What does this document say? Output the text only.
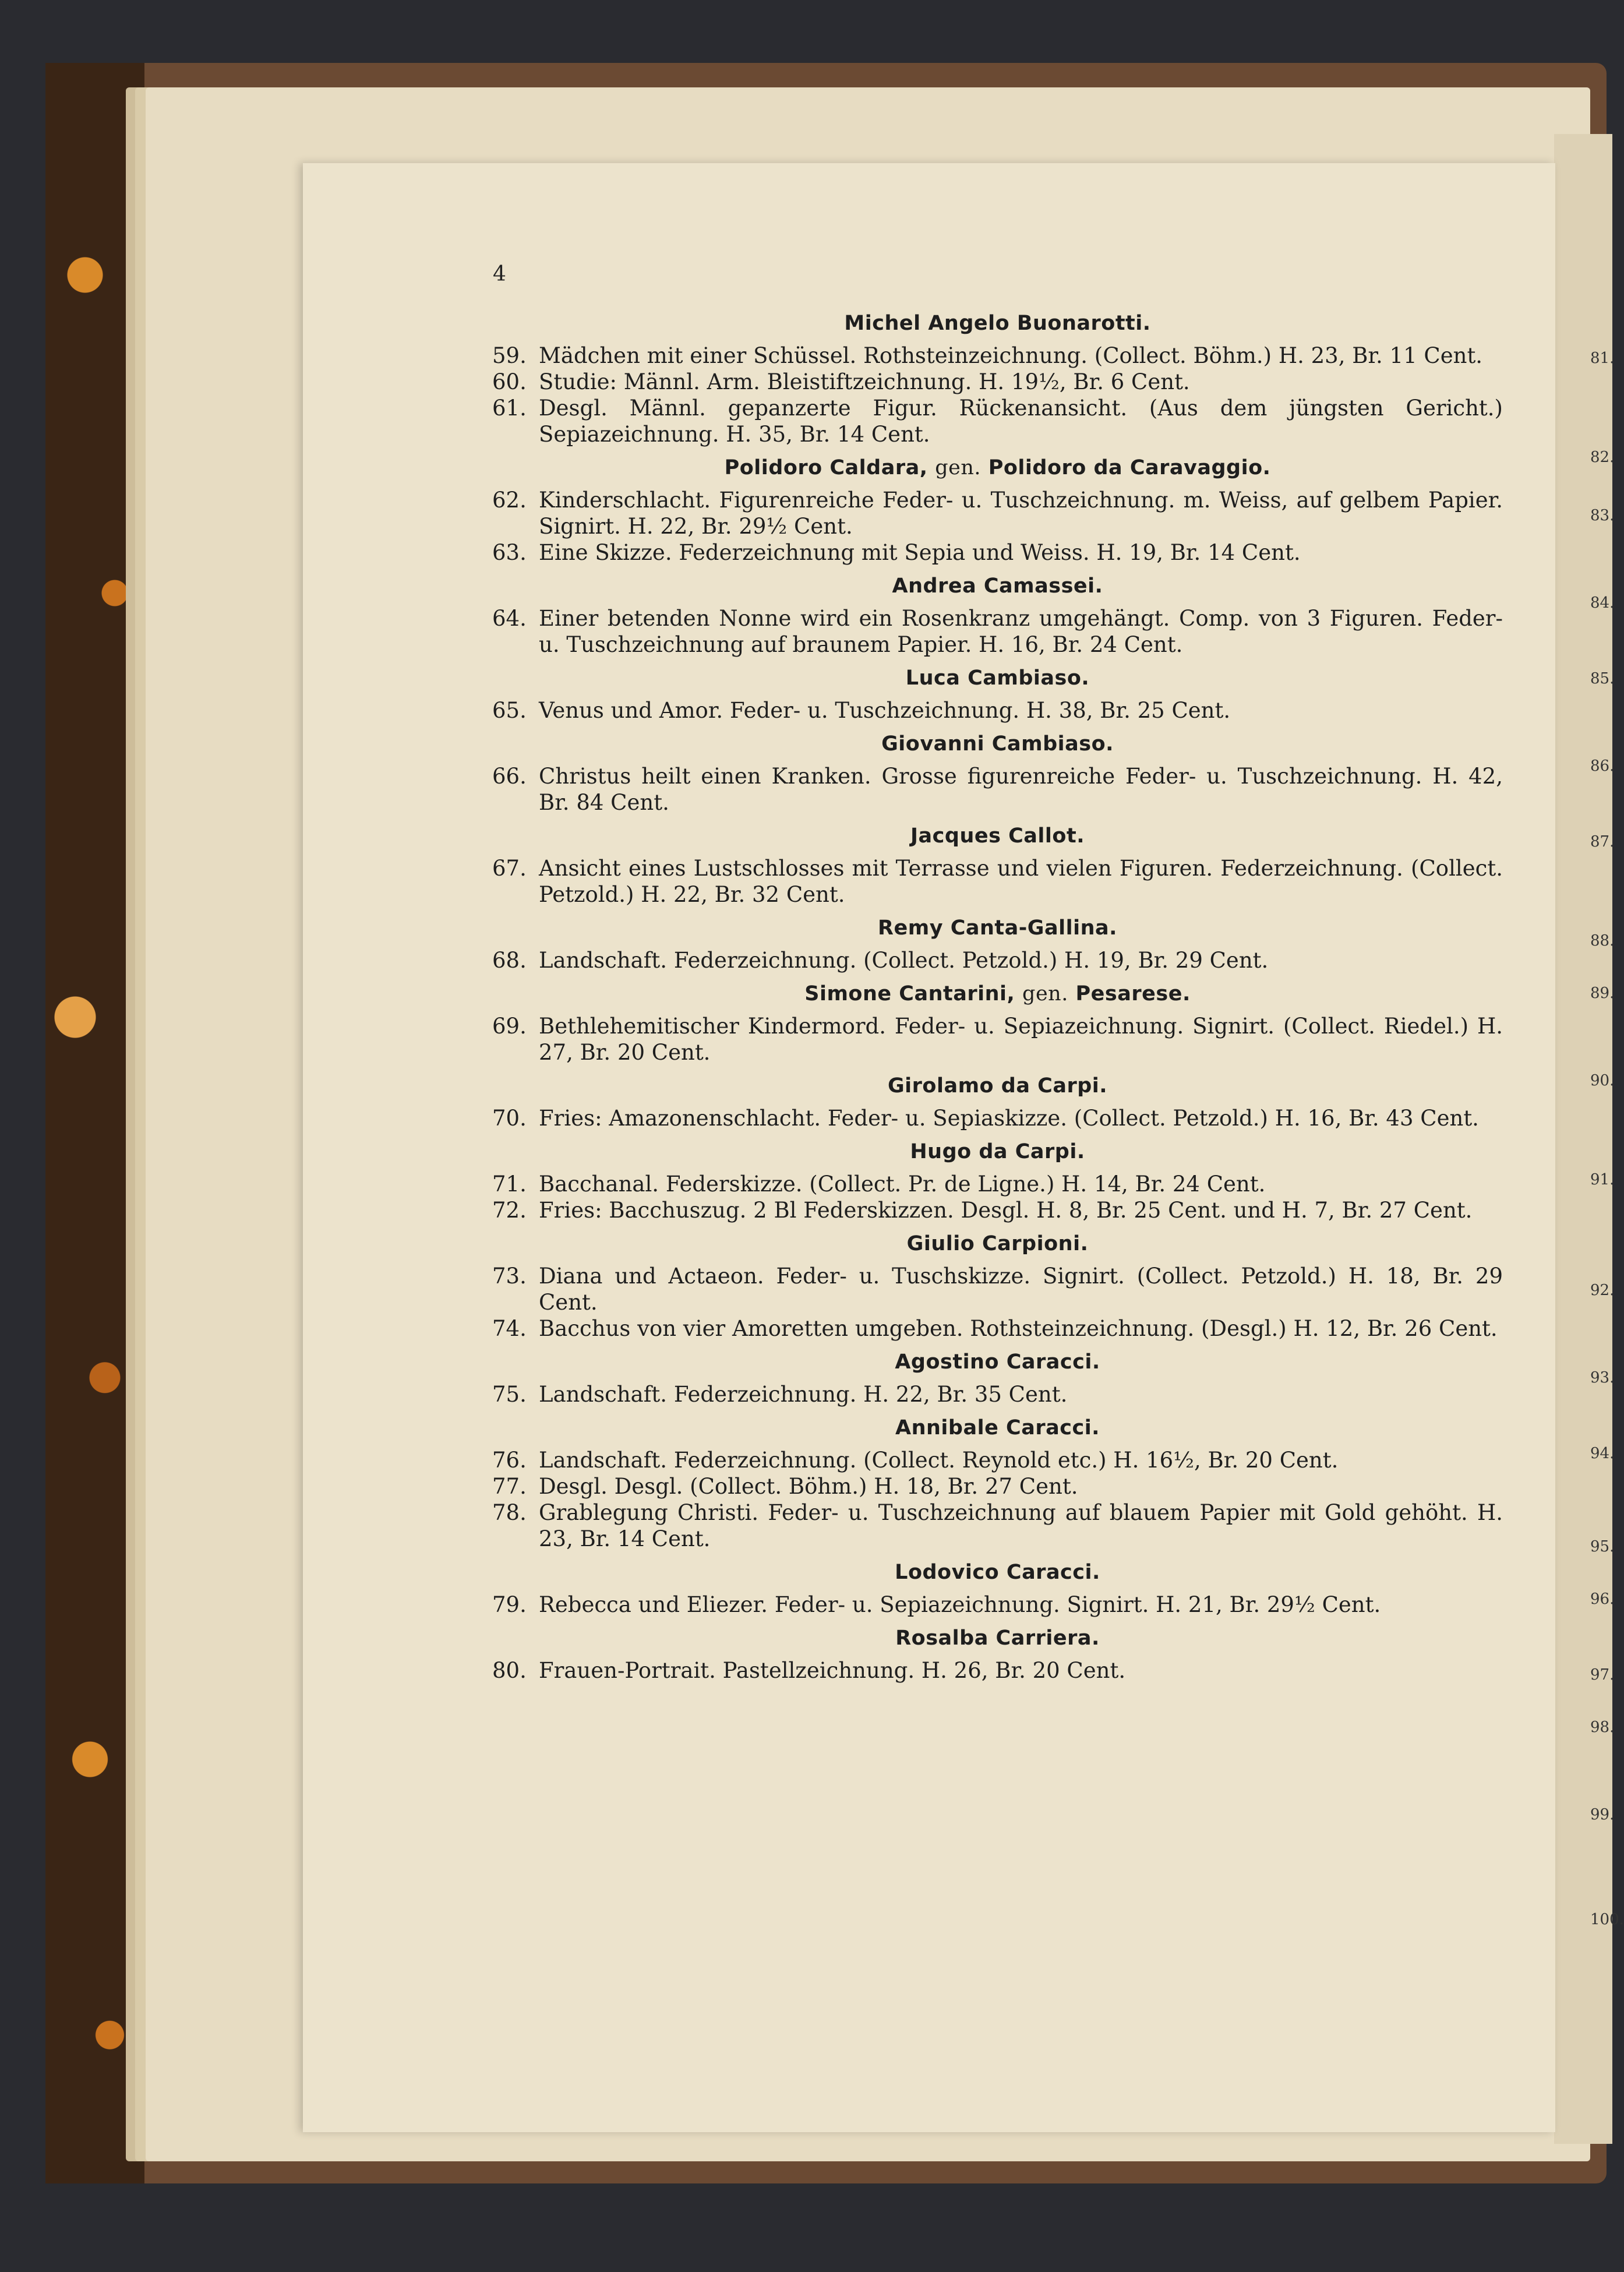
4
81.
82.
83.
84.
85.
86.
87.
88.
89.
90.
91.
92.
93.
94.
95.
96.
97.
98.
99.
100.
Michel Angelo Buonarotti.
59. Mädchen mit einer Schüssel. Rothsteinzeichnung. (Collect. Böhm.) H. 23, Br. 11 Cent.
60. Studie: Männl. Arm. Bleistiftzeichnung. H. 19½, Br. 6 Cent.
61. Desgl. Männl. gepanzerte Figur. Rückenansicht. (Aus dem jüngsten Gericht.) Sepiazeichnung. H. 35, Br. 14 Cent.
Polidoro Caldara, gen. Polidoro da Caravaggio.
62. Kinderschlacht. Figurenreiche Feder- u. Tuschzeichnung. m. Weiss, auf gelbem Papier. Signirt. H. 22, Br. 29½ Cent.
63. Eine Skizze. Federzeichnung mit Sepia und Weiss. H. 19, Br. 14 Cent.
Andrea Camassei.
64. Einer betenden Nonne wird ein Rosenkranz umgehängt. Comp. von 3 Figuren. Feder- u. Tuschzeichnung auf braunem Papier. H. 16, Br. 24 Cent.
Luca Cambiaso.
65. Venus und Amor. Feder- u. Tuschzeichnung. H. 38, Br. 25 Cent.
Giovanni Cambiaso.
66. Christus heilt einen Kranken. Grosse figurenreiche Feder- u. Tuschzeichnung. H. 42, Br. 84 Cent.
Jacques Callot.
67. Ansicht eines Lustschlosses mit Terrasse und vielen Figuren. Federzeichnung. (Collect. Petzold.) H. 22, Br. 32 Cent.
Remy Canta-Gallina.
68. Landschaft. Federzeichnung. (Collect. Petzold.) H. 19, Br. 29 Cent.
Simone Cantarini, gen. Pesarese.
69. Bethlehemitischer Kindermord. Feder- u. Sepiazeichnung. Signirt. (Collect. Riedel.) H. 27, Br. 20 Cent.
Girolamo da Carpi.
70. Fries: Amazonenschlacht. Feder- u. Sepiaskizze. (Collect. Petzold.) H. 16, Br. 43 Cent.
Hugo da Carpi.
71. Bacchanal. Federskizze. (Collect. Pr. de Ligne.) H. 14, Br. 24 Cent.
72. Fries: Bacchuszug. 2 Bl Federskizzen. Desgl. H. 8, Br. 25 Cent. und H. 7, Br. 27 Cent.
Giulio Carpioni.
73. Diana und Actaeon. Feder- u. Tuschskizze. Signirt. (Collect. Petzold.) H. 18, Br. 29 Cent.
74. Bacchus von vier Amoretten umgeben. Rothsteinzeichnung. (Desgl.) H. 12, Br. 26 Cent.
Agostino Caracci.
75. Landschaft. Federzeichnung. H. 22, Br. 35 Cent.
Annibale Caracci.
76. Landschaft. Federzeichnung. (Collect. Reynold etc.) H. 16½, Br. 20 Cent.
77. Desgl. Desgl. (Collect. Böhm.) H. 18, Br. 27 Cent.
78. Grablegung Christi. Feder- u. Tuschzeichnung auf blauem Papier mit Gold gehöht. H. 23, Br. 14 Cent.
Lodovico Caracci.
79. Rebecca und Eliezer. Feder- u. Sepiazeichnung. Signirt. H. 21, Br. 29½ Cent.
Rosalba Carriera.
80. Frauen-Portrait. Pastellzeichnung. H. 26, Br. 20 Cent.
